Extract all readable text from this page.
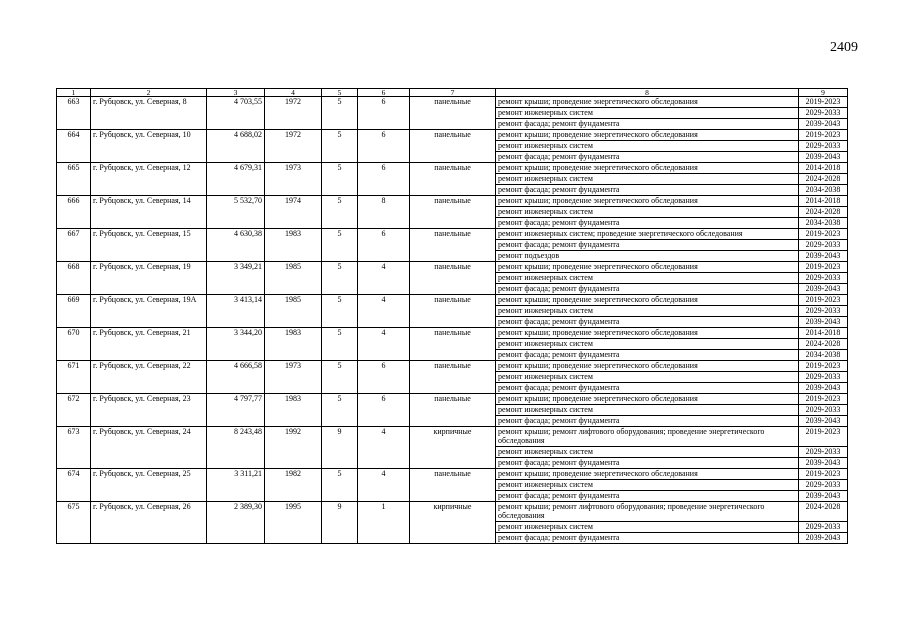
2409
1	2	3	4	5	6	7	8	9
663	г. Рубцовск, ул. Северная, 8	4 703,55	1972	5	6	панельные	ремонт крыши; проведение энергетического обследования	2019-2023
							ремонт инженерных систем	2029-2033
							ремонт фасада; ремонт фундамента	2039-2043
664	г. Рубцовск, ул. Северная, 10	4 688,02	1972	5	6	панельные	ремонт крыши; проведение энергетического обследования	2019-2023
							ремонт инженерных систем	2029-2033
							ремонт фасада; ремонт фундамента	2039-2043
665	г. Рубцовск, ул. Северная, 12	4 679,31	1973	5	6	панельные	ремонт крыши; проведение энергетического обследования	2014-2018
							ремонт инженерных систем	2024-2028
							ремонт фасада; ремонт фундамента	2034-2038
666	г. Рубцовск, ул. Северная, 14	5 532,70	1974	5	8	панельные	ремонт крыши; проведение энергетического обследования	2014-2018
							ремонт инженерных систем	2024-2028
							ремонт фасада; ремонт фундамента	2034-2038
667	г. Рубцовск, ул. Северная, 15	4 630,38	1983	5	6	панельные	ремонт инженерных систем; проведение энергетического обследования	2019-2023
							ремонт фасада; ремонт фундамента	2029-2033
							ремонт подъездов	2039-2043
668	г. Рубцовск, ул. Северная, 19	3 349,21	1985	5	4	панельные	ремонт крыши; проведение энергетического обследования	2019-2023
							ремонт инженерных систем	2029-2033
							ремонт фасада; ремонт фундамента	2039-2043
669	г. Рубцовск, ул. Северная, 19А	3 413,14	1985	5	4	панельные	ремонт крыши; проведение энергетического обследования	2019-2023
							ремонт инженерных систем	2029-2033
							ремонт фасада; ремонт фундамента	2039-2043
670	г. Рубцовск, ул. Северная, 21	3 344,20	1983	5	4	панельные	ремонт крыши; проведение энергетического обследования	2014-2018
							ремонт инженерных систем	2024-2028
							ремонт фасада; ремонт фундамента	2034-2038
671	г. Рубцовск, ул. Северная, 22	4 666,58	1973	5	6	панельные	ремонт крыши; проведение энергетического обследования	2019-2023
							ремонт инженерных систем	2029-2033
							ремонт фасада; ремонт фундамента	2039-2043
672	г. Рубцовск, ул. Северная, 23	4 797,77	1983	5	6	панельные	ремонт крыши; проведение энергетического обследования	2019-2023
							ремонт инженерных систем	2029-2033
							ремонт фасада; ремонт фундамента	2039-2043
673	г. Рубцовск, ул. Северная, 24	8 243,48	1992	9	4	кирпичные	ремонт крыши; ремонт лифтового оборудования; проведение энергетического обследования	2019-2023
							ремонт инженерных систем	2029-2033
							ремонт фасада; ремонт фундамента	2039-2043
674	г. Рубцовск, ул. Северная, 25	3 311,21	1982	5	4	панельные	ремонт крыши; проведение энергетического обследования	2019-2023
							ремонт инженерных систем	2029-2033
							ремонт фасада; ремонт фундамента	2039-2043
675	г. Рубцовск, ул. Северная, 26	2 389,30	1995	9	1	кирпичные	ремонт крыши; ремонт лифтового оборудования; проведение энергетического обследования	2024-2028
							ремонт инженерных систем	2029-2033
							ремонт фасада; ремонт фундамента	2039-2043
